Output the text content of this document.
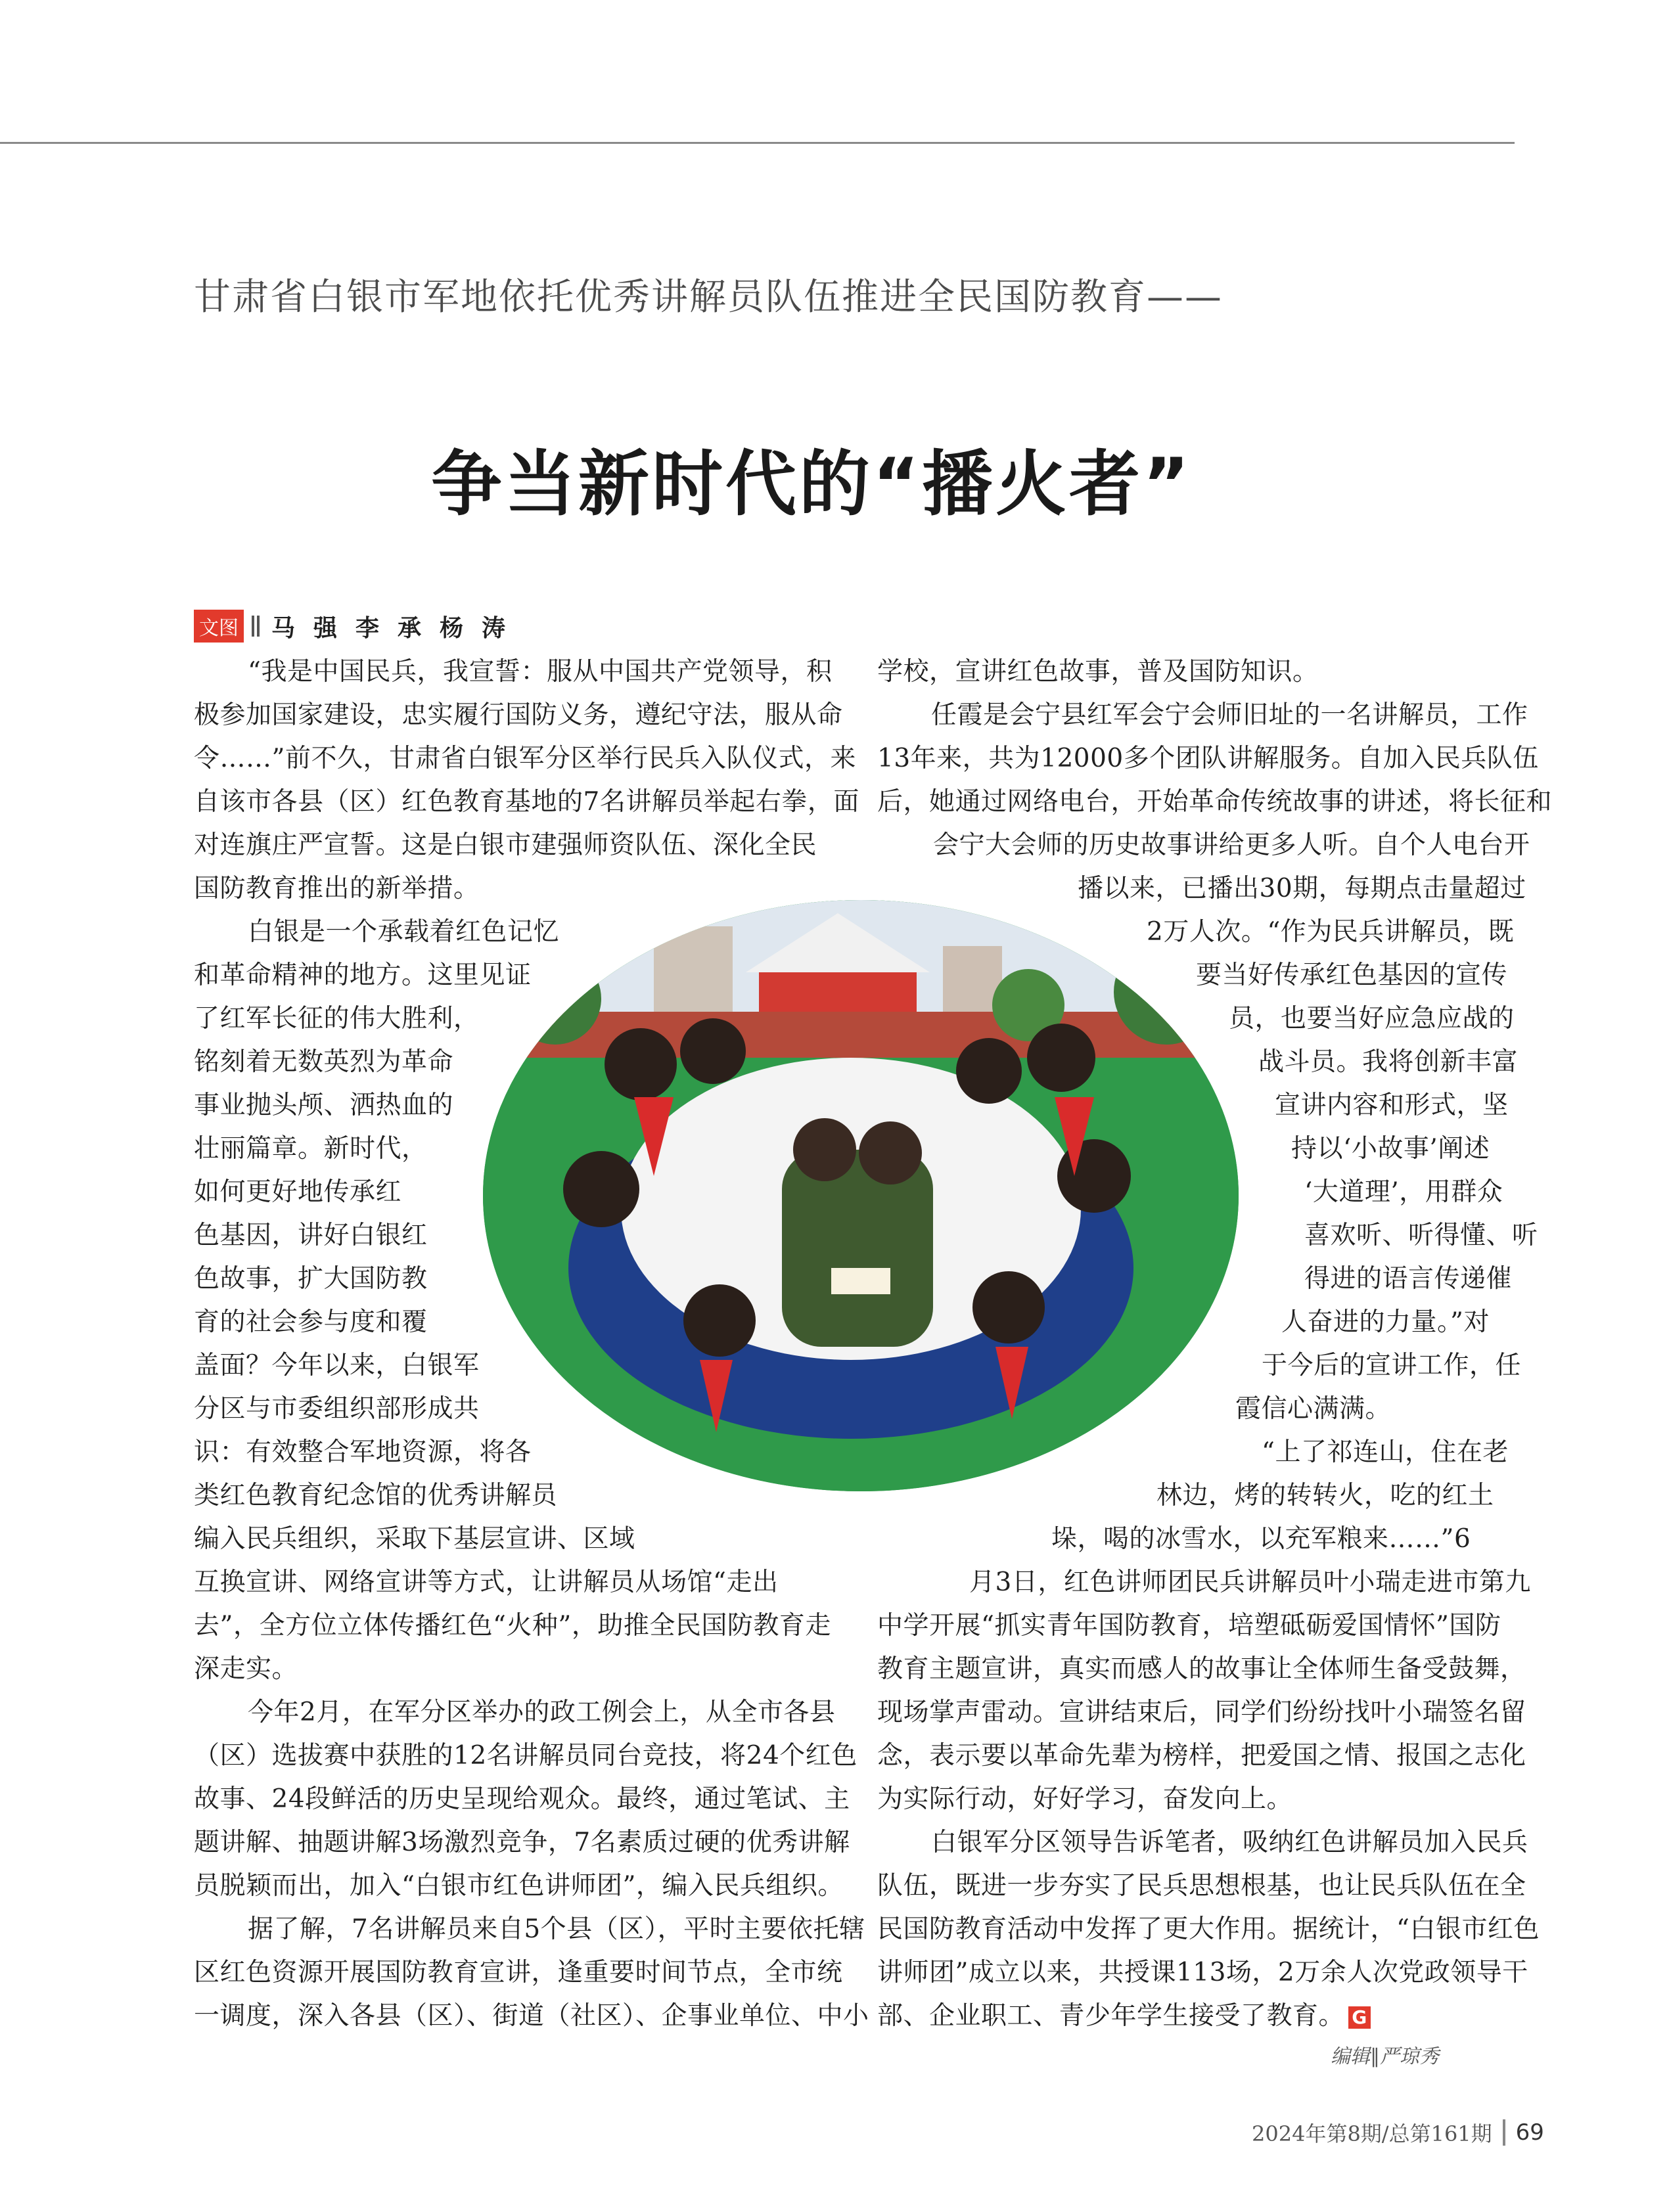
甘肃省白银市军地依托优秀讲解员队伍推进全民国防教育——
争当新时代的“播火者”
文图 马强李承杨涛
“我是中国民兵，我宣誓：服从中国共产党领导，积
极参加国家建设，忠实履行国防义务，遵纪守法，服从命
令……”前不久，甘肃省白银军分区举行民兵入队仪式，来
自该市各县（区）红色教育基地的7名讲解员举起右拳，面
对连旗庄严宣誓。这是白银市建强师资队伍、深化全民
国防教育推出的新举措。
白银是一个承载着红色记忆
和革命精神的地方。这里见证
了红军长征的伟大胜利，
铭刻着无数英烈为革命
事业抛头颅、洒热血的
壮丽篇章。新时代，
如何更好地传承红
色基因，讲好白银红
色故事，扩大国防教
育的社会参与度和覆
盖面？今年以来，白银军
分区与市委组织部形成共
识：有效整合军地资源，将各
类红色教育纪念馆的优秀讲解员
编入民兵组织，采取下基层宣讲、区域
互换宣讲、网络宣讲等方式，让讲解员从场馆“走出
去”，全方位立体传播红色“火种”，助推全民国防教育走
深走实。
今年2月，在军分区举办的政工例会上，从全市各县
（区）选拔赛中获胜的12名讲解员同台竞技，将24个红色
故事、24段鲜活的历史呈现给观众。最终，通过笔试、主
题讲解、抽题讲解3场激烈竞争，7名素质过硬的优秀讲解
员脱颖而出，加入“白银市红色讲师团”，编入民兵组织。
据了解，7名讲解员来自5个县（区），平时主要依托辖
区红色资源开展国防教育宣讲，逢重要时间节点，全市统
一调度，深入各县（区）、街道（社区）、企事业单位、中小
学校，宣讲红色故事，普及国防知识。
任霞是会宁县红军会宁会师旧址的一名讲解员，工作
13年来，共为12000多个团队讲解服务。自加入民兵队伍
后，她通过网络电台，开始革命传统故事的讲述，将长征和
会宁大会师的历史故事讲给更多人听。自个人电台开
播以来，已播出30期，每期点击量超过
2万人次。“作为民兵讲解员，既
要当好传承红色基因的宣传
员，也要当好应急应战的
战斗员。我将创新丰富
宣讲内容和形式，坚
持以‘小故事’阐述
‘大道理’，用群众
喜欢听、听得懂、听
得进的语言传递催
人奋进的力量。”对
于今后的宣讲工作，任
霞信心满满。
“上了祁连山，住在老
林边，烤的转转火，吃的红土
垛，喝的冰雪水，以充军粮来……”6
月3日，红色讲师团民兵讲解员叶小瑞走进市第九
中学开展“抓实青年国防教育，培塑砥砺爱国情怀”国防
教育主题宣讲，真实而感人的故事让全体师生备受鼓舞，
现场掌声雷动。宣讲结束后，同学们纷纷找叶小瑞签名留
念，表示要以革命先辈为榜样，把爱国之情、报国之志化
为实际行动，好好学习，奋发向上。
白银军分区领导告诉笔者，吸纳红色讲解员加入民兵
队伍，既进一步夯实了民兵思想根基，也让民兵队伍在全
民国防教育活动中发挥了更大作用。据统计，“白银市红色
讲师团”成立以来，共授课113场，2万余人次党政领导干
部、企业职工、青少年学生接受了教育。 G
编辑∥严琼秀
2024年第8期/总第161期 69
